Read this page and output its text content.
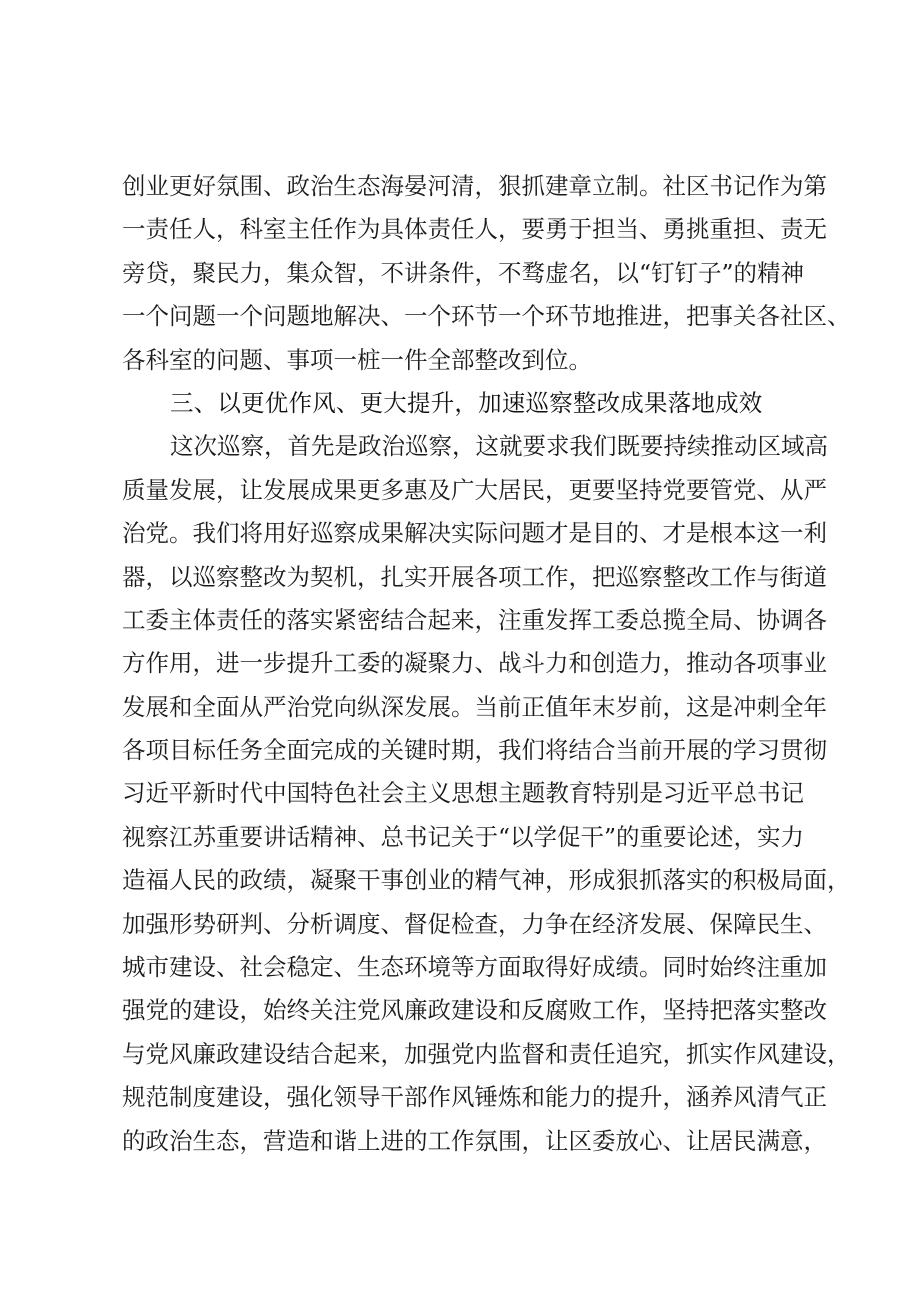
创业更好氛围、政治生态海晏河清，狠抓建章立制。社区书记作为第
一责任人，科室主任作为具体责任人，要勇于担当、勇挑重担、责无
旁贷，聚民力，集众智，不讲条件，不骛虚名，以“钉钉子”的精神
一个问题一个问题地解决、一个环节一个环节地推进，把事关各社区、
各科室的问题、事项一桩一件全部整改到位。
三、以更优作风、更大提升，加速巡察整改成果落地成效
这次巡察，首先是政治巡察，这就要求我们既要持续推动区域高
质量发展，让发展成果更多惠及广大居民，更要坚持党要管党、从严
治党。我们将用好巡察成果解决实际问题才是目的、才是根本这一利
器，以巡察整改为契机，扎实开展各项工作，把巡察整改工作与街道
工委主体责任的落实紧密结合起来，注重发挥工委总揽全局、协调各
方作用，进一步提升工委的凝聚力、战斗力和创造力，推动各项事业
发展和全面从严治党向纵深发展。当前正值年末岁前，这是冲刺全年
各项目标任务全面完成的关键时期，我们将结合当前开展的学习贯彻
习近平新时代中国特色社会主义思想主题教育特别是习近平总书记
视察江苏重要讲话精神、总书记关于“以学促干”的重要论述，实力
造福人民的政绩，凝聚干事创业的精气神，形成狠抓落实的积极局面，
加强形势研判、分析调度、督促检查，力争在经济发展、保障民生、
城市建设、社会稳定、生态环境等方面取得好成绩。同时始终注重加
强党的建设，始终关注党风廉政建设和反腐败工作，坚持把落实整改
与党风廉政建设结合起来，加强党内监督和责任追究，抓实作风建设，
规范制度建设，强化领导干部作风锤炼和能力的提升，涵养风清气正
的政治生态，营造和谐上进的工作氛围，让区委放心、让居民满意，
